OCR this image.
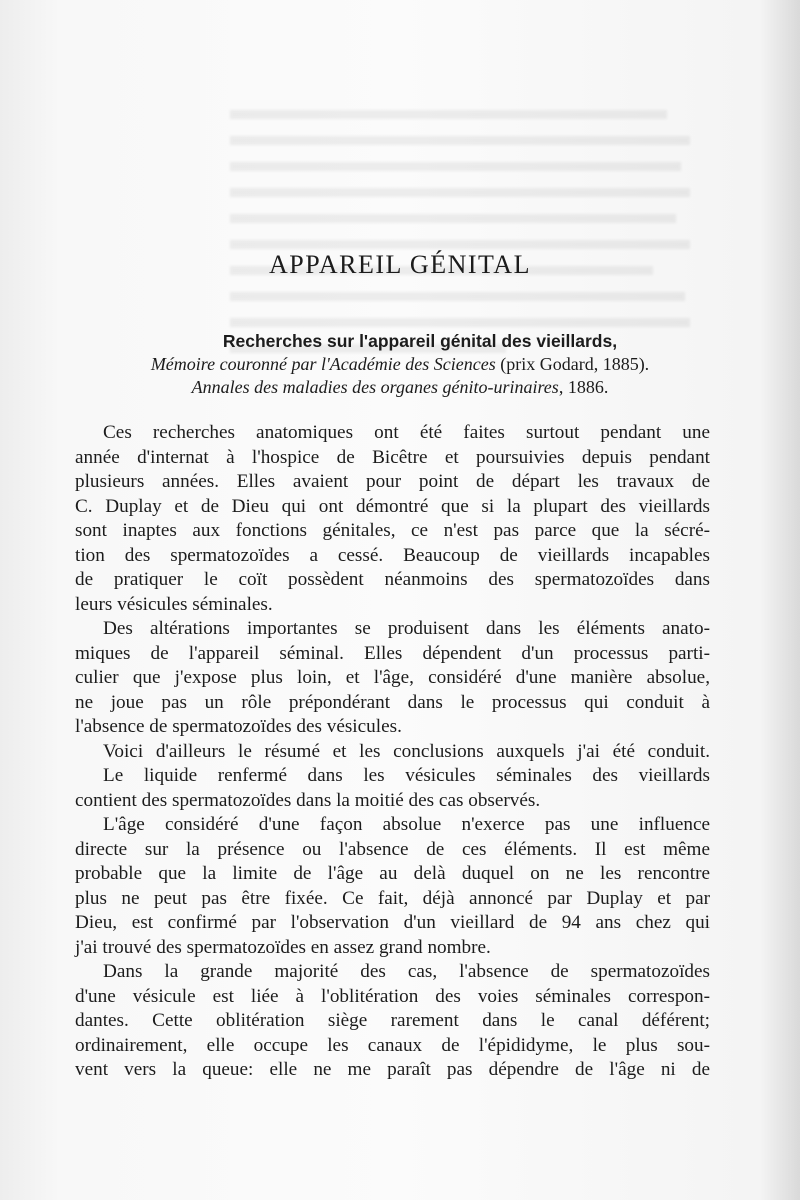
APPAREIL GÉNITAL
Recherches sur l'appareil génital des vieillards,
Mémoire couronné par l'Académie des Sciences (prix Godard, 1885).
Annales des maladies des organes génito-urinaires, 1886.
Ces recherches anatomiques ont été faites surtout pendant une
année d'internat à l'hospice de Bicêtre et poursuivies depuis pendant
plusieurs années. Elles avaient pour point de départ les travaux de
C. Duplay et de Dieu qui ont démontré que si la plupart des vieillards
sont inaptes aux fonctions génitales, ce n'est pas parce que la sécré-
tion des spermatozoïdes a cessé. Beaucoup de vieillards incapables
de pratiquer le coït possèdent néanmoins des spermatozoïdes dans
leurs vésicules séminales.
Des altérations importantes se produisent dans les éléments anato-
miques de l'appareil séminal. Elles dépendent d'un processus parti-
culier que j'expose plus loin, et l'âge, considéré d'une manière absolue,
ne joue pas un rôle prépondérant dans le processus qui conduit à
l'absence de spermatozoïdes des vésicules.
Voici d'ailleurs le résumé et les conclusions auxquels j'ai été conduit.
Le liquide renfermé dans les vésicules séminales des vieillards
contient des spermatozoïdes dans la moitié des cas observés.
L'âge considéré d'une façon absolue n'exerce pas une influence
directe sur la présence ou l'absence de ces éléments. Il est même
probable que la limite de l'âge au delà duquel on ne les rencontre
plus ne peut pas être fixée. Ce fait, déjà annoncé par Duplay et par
Dieu, est confirmé par l'observation d'un vieillard de 94 ans chez qui
j'ai trouvé des spermatozoïdes en assez grand nombre.
Dans la grande majorité des cas, l'absence de spermatozoïdes
d'une vésicule est liée à l'oblitération des voies séminales correspon-
dantes. Cette oblitération siège rarement dans le canal déférent;
ordinairement, elle occupe les canaux de l'épididyme, le plus sou-
vent vers la queue: elle ne me paraît pas dépendre de l'âge ni de
